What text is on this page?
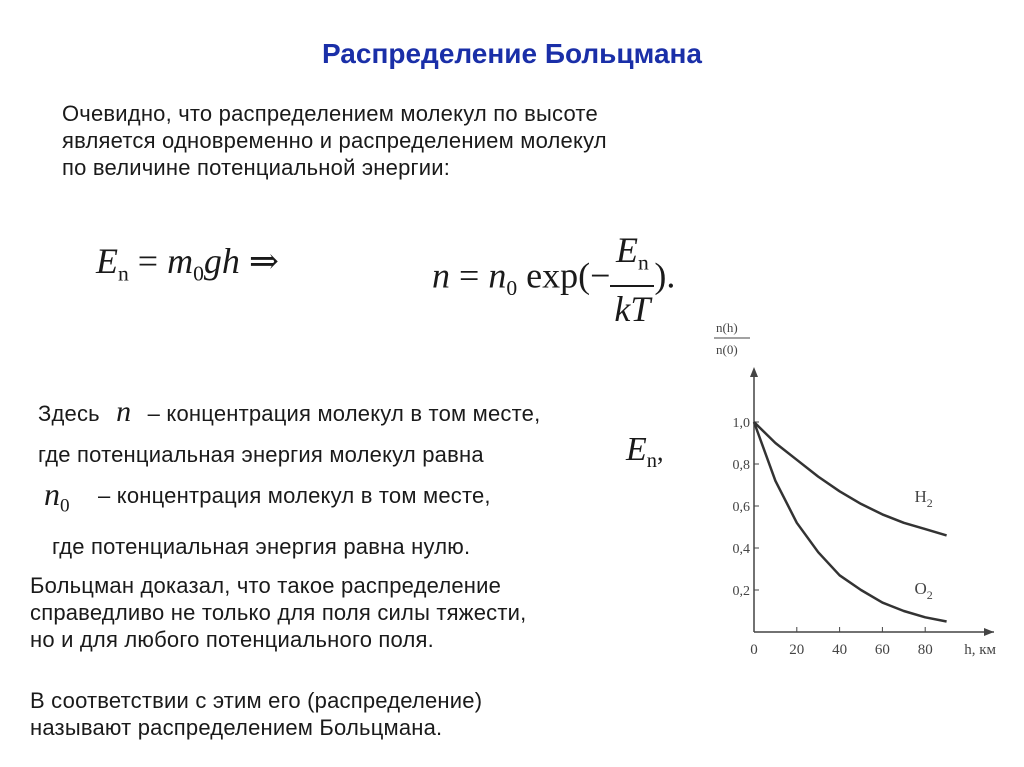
Распределение Больцмана
Очевидно, что распределением молекул по высоте
является одновременно и распределением молекул
по величине потенциальной энергии:
$E_n = m_0gh$ ⇒	$n = n_0$ $\exp(- \frac{E_n}{kT}$ ).
Здесь n – концентрация молекул в том месте,
где потенциальная энергия молекул равна	$E_n$,
$n_0$ – концентрация молекул в том месте,
где потенциальная энергия равна нулю.
Больцман доказал, что такое распределение
справедливо не только для поля силы тяжести,
но и для любого потенциального поля.
В соответствии с этим его (распределение)
называют распределением Больцмана.
0 20 40 60 80
0,2
0,4
0,6
0,8
1,0
h, км
n(h)
n(0)
$H_2$
$O_2$
